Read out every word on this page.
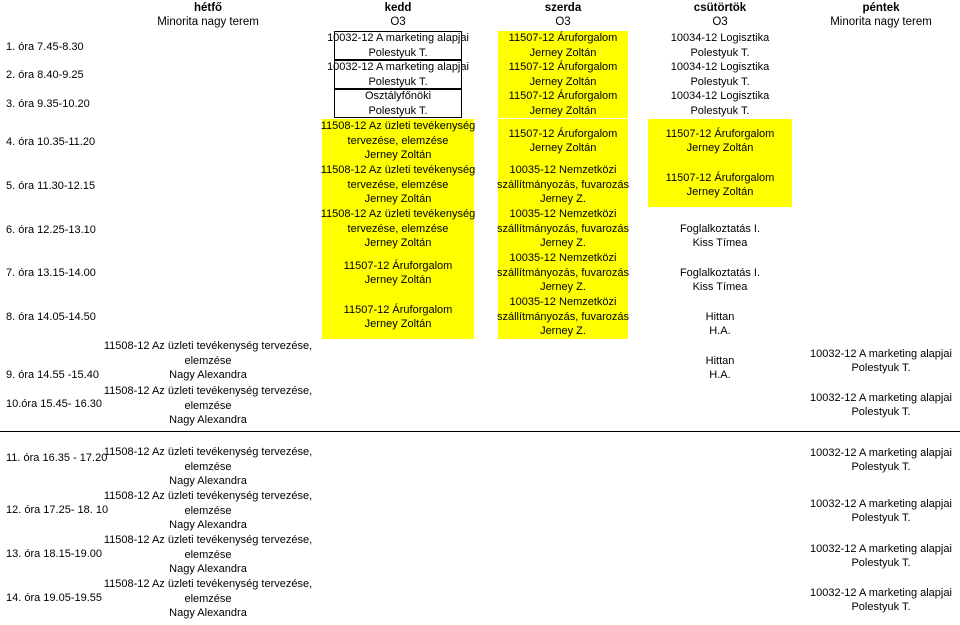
hétfő
Minorita nagy terem
kedd
O3
szerda
O3
csütörtök
O3
péntek
Minorita nagy terem
1. óra 7.45-8.30
2. óra 8.40-9.25
3. óra 9.35-10.20
4. óra 10.35-11.20
5. óra 11.30-12.15
6. óra 12.25-13.10
7. óra 13.15-14.00
8. óra 14.05-14.50
9. óra 14.55 -15.40
10.óra 15.45- 16.30
11. óra 16.35 - 17.20
12. óra 17.25- 18. 10
13. óra 18.15-19.00
14. óra 19.05-19.55
11508-12 Az üzleti tevékenység tervezése,
elemzése
Nagy Alexandra
11508-12 Az üzleti tevékenység tervezése,
elemzése
Nagy Alexandra
11508-12 Az üzleti tevékenység tervezése,
elemzése
Nagy Alexandra
11508-12 Az üzleti tevékenység tervezése,
elemzése
Nagy Alexandra
11508-12 Az üzleti tevékenység tervezése,
elemzése
Nagy Alexandra
11508-12 Az üzleti tevékenység tervezése,
elemzése
Nagy Alexandra
10032-12 A marketing alapjai
Polestyuk T.
10032-12 A marketing alapjai
Polestyuk T.
Osztályfőnöki
Polestyuk T.
11508-12 Az üzleti tevékenység
tervezése, elemzése
Jerney Zoltán
11508-12 Az üzleti tevékenység
tervezése, elemzése
Jerney Zoltán
11508-12 Az üzleti tevékenység
tervezése, elemzése
Jerney Zoltán
11507-12 Áruforgalom
Jerney Zoltán
11507-12 Áruforgalom
Jerney Zoltán
11507-12 Áruforgalom
Jerney Zoltán
11507-12 Áruforgalom
Jerney Zoltán
11507-12 Áruforgalom
Jerney Zoltán
11507-12 Áruforgalom
Jerney Zoltán
10035-12 Nemzetközi
szállítmányozás, fuvarozás
Jerney Z.
10035-12 Nemzetközi
szállítmányozás, fuvarozás
Jerney Z.
10035-12 Nemzetközi
szállítmányozás, fuvarozás
Jerney Z.
10035-12 Nemzetközi
szállítmányozás, fuvarozás
Jerney Z.
10034-12 Logisztika
Polestyuk T.
10034-12 Logisztika
Polestyuk T.
10034-12 Logisztika
Polestyuk T.
11507-12 Áruforgalom
Jerney Zoltán
11507-12 Áruforgalom
Jerney Zoltán
Foglalkoztatás I.
Kiss Tímea
Foglalkoztatás I.
Kiss Tímea
Hittan
H.A.
Hittan
H.A.
10032-12 A marketing alapjai
Polestyuk T.
10032-12 A marketing alapjai
Polestyuk T.
10032-12 A marketing alapjai
Polestyuk T.
10032-12 A marketing alapjai
Polestyuk T.
10032-12 A marketing alapjai
Polestyuk T.
10032-12 A marketing alapjai
Polestyuk T.
